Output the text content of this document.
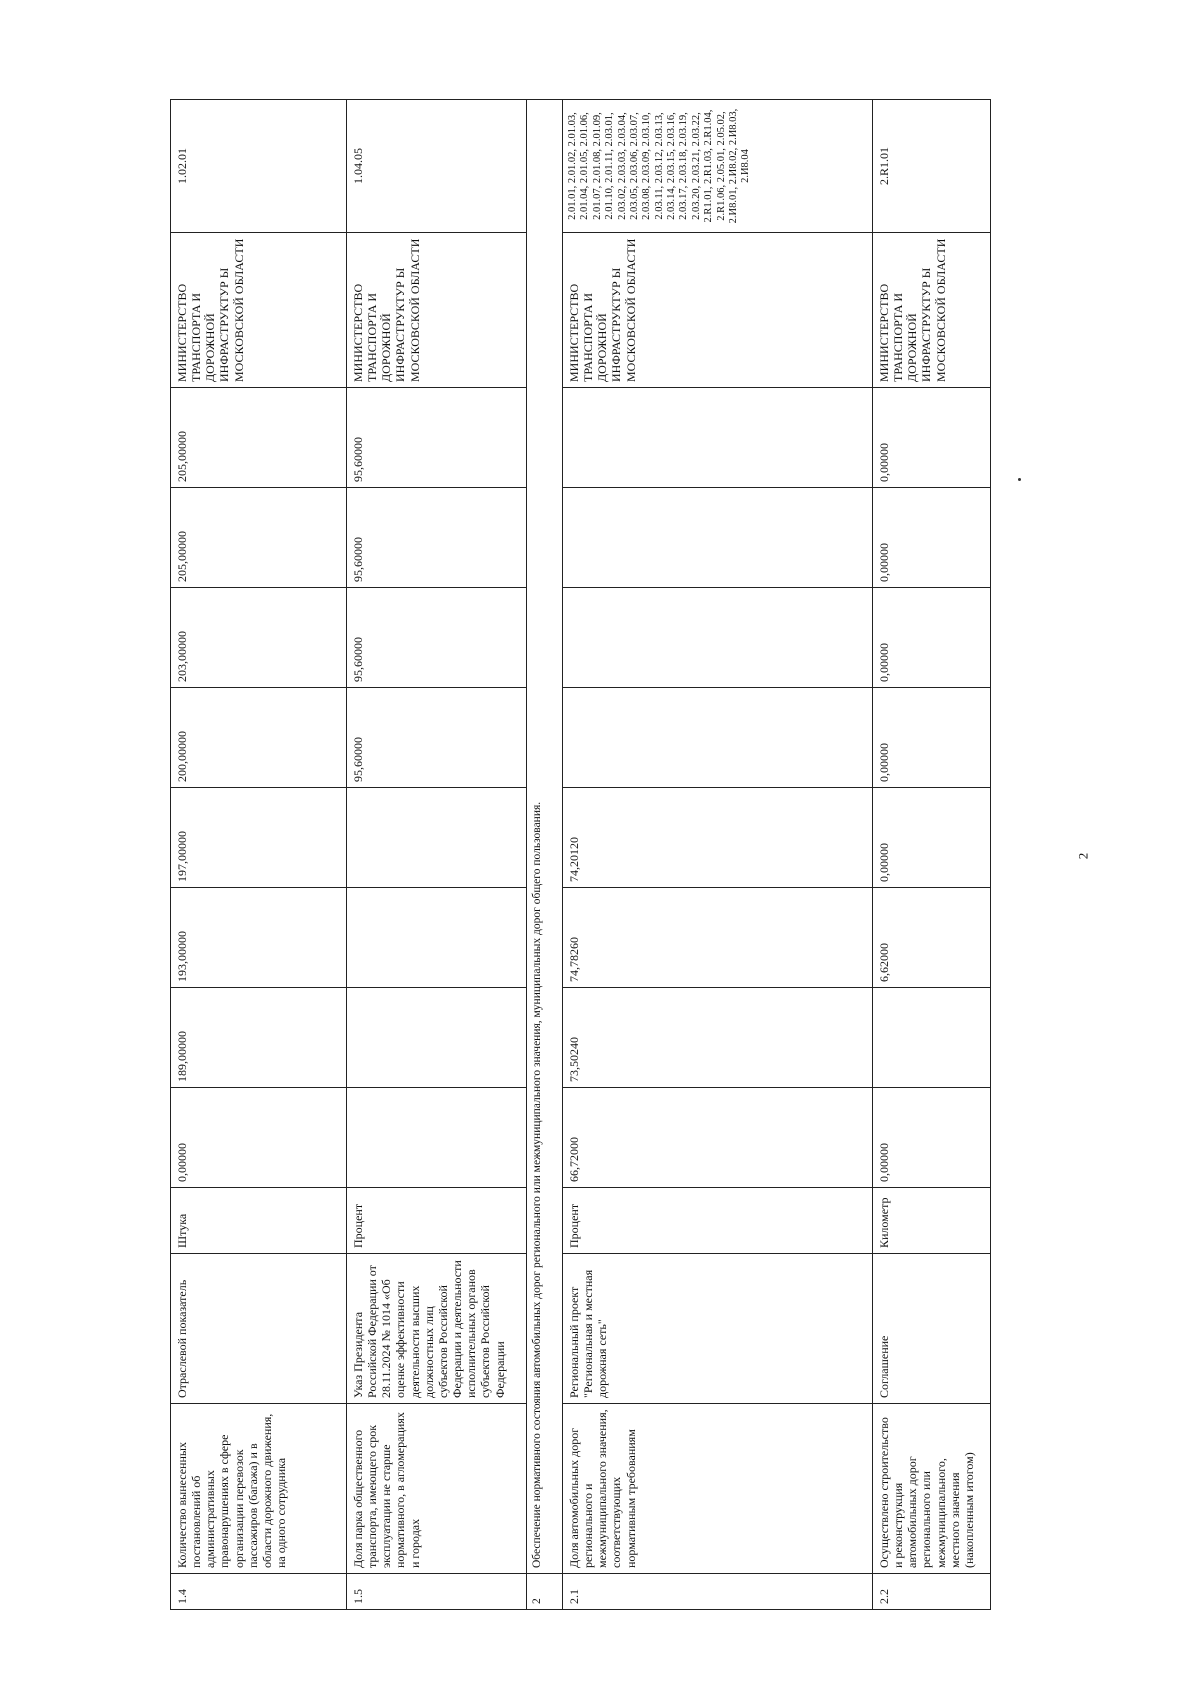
1.4	Количество вынесенных постановлений об административных правонарушениях в сфере организации перевозок пассажиров (багажа) и в области дорожного движения, на одного сотрудника	Отраслевой показатель	Штука	0,00000	189,00000	193,00000	197,00000	200,00000	203,00000	205,00000	205,00000	МИНИСТЕРСТВО ТРАНСПОРТА И ДОРОЖНОЙ ИНФРАСТРУКТУР Ы МОСКОВСКОЙ ОБЛАСТИ	1.02.01
1.5	Доля парка общественного транспорта, имеющего срок эксплуатации не старше нормативного, в агломерациях и городах	Указ Президента Российской Федерации от 28.11.2024 № 1014 «Об оценке эффективности деятельности высших должностных лиц субъектов Российской Федерации и деятельности исполнительных органов субъектов Российской Федерации	Процент					95,60000	95,60000	95,60000	95,60000	МИНИСТЕРСТВО ТРАНСПОРТА И ДОРОЖНОЙ ИНФРАСТРУКТУР Ы МОСКОВСКОЙ ОБЛАСТИ	1.04.05
2	Обеспечение нормативного состояния автомобильных дорог регионального или межмуниципального значения, муниципальных дорог общего пользования.												
2.1	Доля автомобильных дорог регионального и межмуниципального значения, соответствующих нормативным требованиям	Региональный проект "Региональная и местная дорожная сеть"	Процент	66,72000	73,50240	74,78260	74,20120					МИНИСТЕРСТВО ТРАНСПОРТА И ДОРОЖНОЙ ИНФРАСТРУКТУР Ы МОСКОВСКОЙ ОБЛАСТИ	2.01.01, 2.01.02, 2.01.03, 2.01.04, 2.01.05, 2.01.06, 2.01.07, 2.01.08, 2.01.09, 2.01.10, 2.01.11, 2.03.01, 2.03.02, 2.03.03, 2.03.04, 2.03.05, 2.03.06, 2.03.07, 2.03.08, 2.03.09, 2.03.10, 2.03.11, 2.03.12, 2.03.13, 2.03.14, 2.03.15, 2.03.16, 2.03.17, 2.03.18, 2.03.19, 2.03.20, 2.03.21, 2.03.22, 2.R1.01, 2.R1.03, 2.R1.04, 2.R1.06, 2.05.01, 2.05.02, 2.И8.01, 2.И8.02, 2.И8.03, 2.И8.04
2.2	Осуществлено строительство и реконструкция автомобильных дорог регионального или межмуниципального, местного значения (накопленным итогом)	Соглашение	Километр	0,00000		6,62000	0,00000	0,00000	0,00000	0,00000	0,00000	МИНИСТЕРСТВО ТРАНСПОРТА И ДОРОЖНОЙ ИНФРАСТРУКТУР Ы МОСКОВСКОЙ ОБЛАСТИ	2.R1.01
2
